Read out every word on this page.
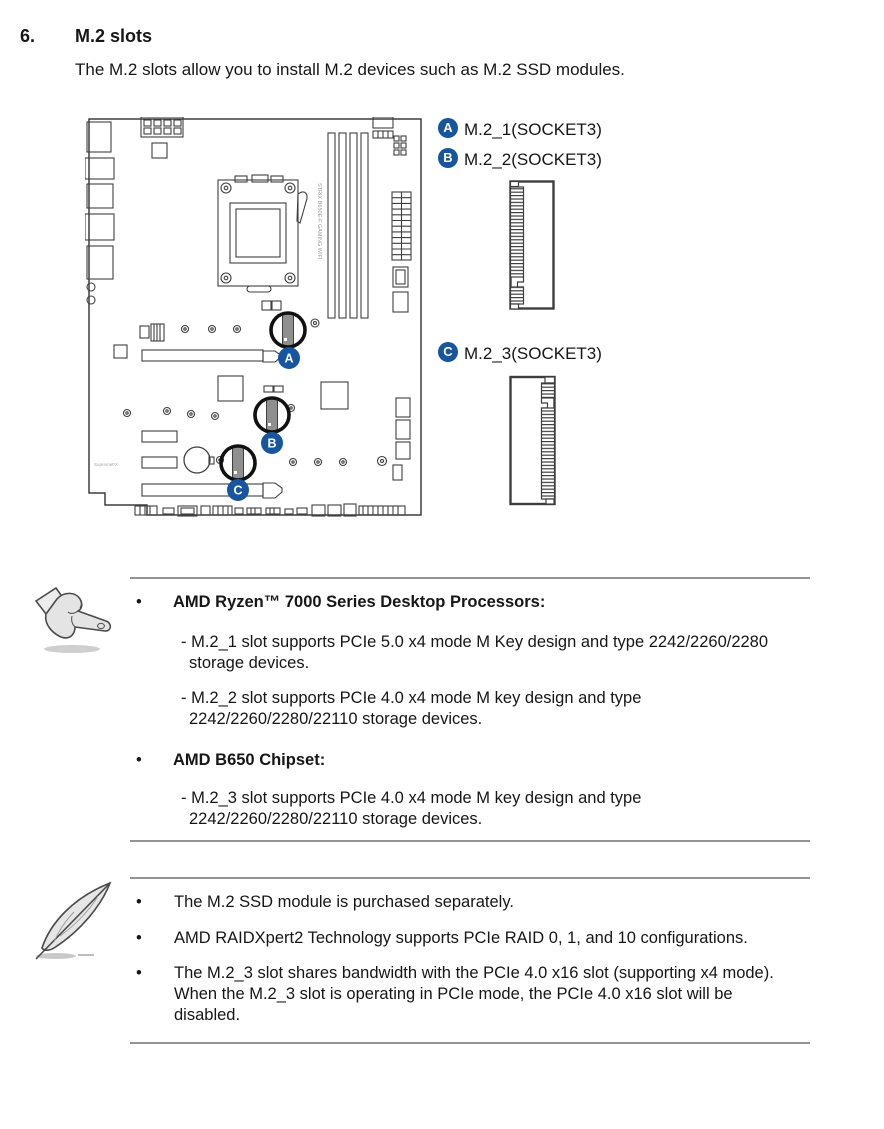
6. M.2 slots
The M.2 slots allow you to install M.2 devices such as M.2 SSD modules.
STRIX B650E-F GAMING WIFI
SupremeFX
A
B
C
A M.2_1(SOCKET3)
B M.2_2(SOCKET3)
C M.2_3(SOCKET3)
• AMD Ryzen™ 7000 Series Desktop Processors:
- M.2_1 slot supports PCIe 5.0 x4 mode M Key design and type 2242/2260/2280
storage devices.
- M.2_2 slot supports PCIe 4.0 x4 mode M key design and type
2242/2260/2280/22110 storage devices.
• AMD B650 Chipset:
- M.2_3 slot supports PCIe 4.0 x4 mode M key design and type
2242/2260/2280/22110 storage devices.
• The M.2 SSD module is purchased separately.
• AMD RAIDXpert2 Technology supports PCIe RAID 0, 1, and 10 configurations.
• The M.2_3 slot shares bandwidth with the PCIe 4.0 x16 slot (supporting x4 mode).
When the M.2_3 slot is operating in PCIe mode, the PCIe 4.0 x16 slot will be
disabled.
